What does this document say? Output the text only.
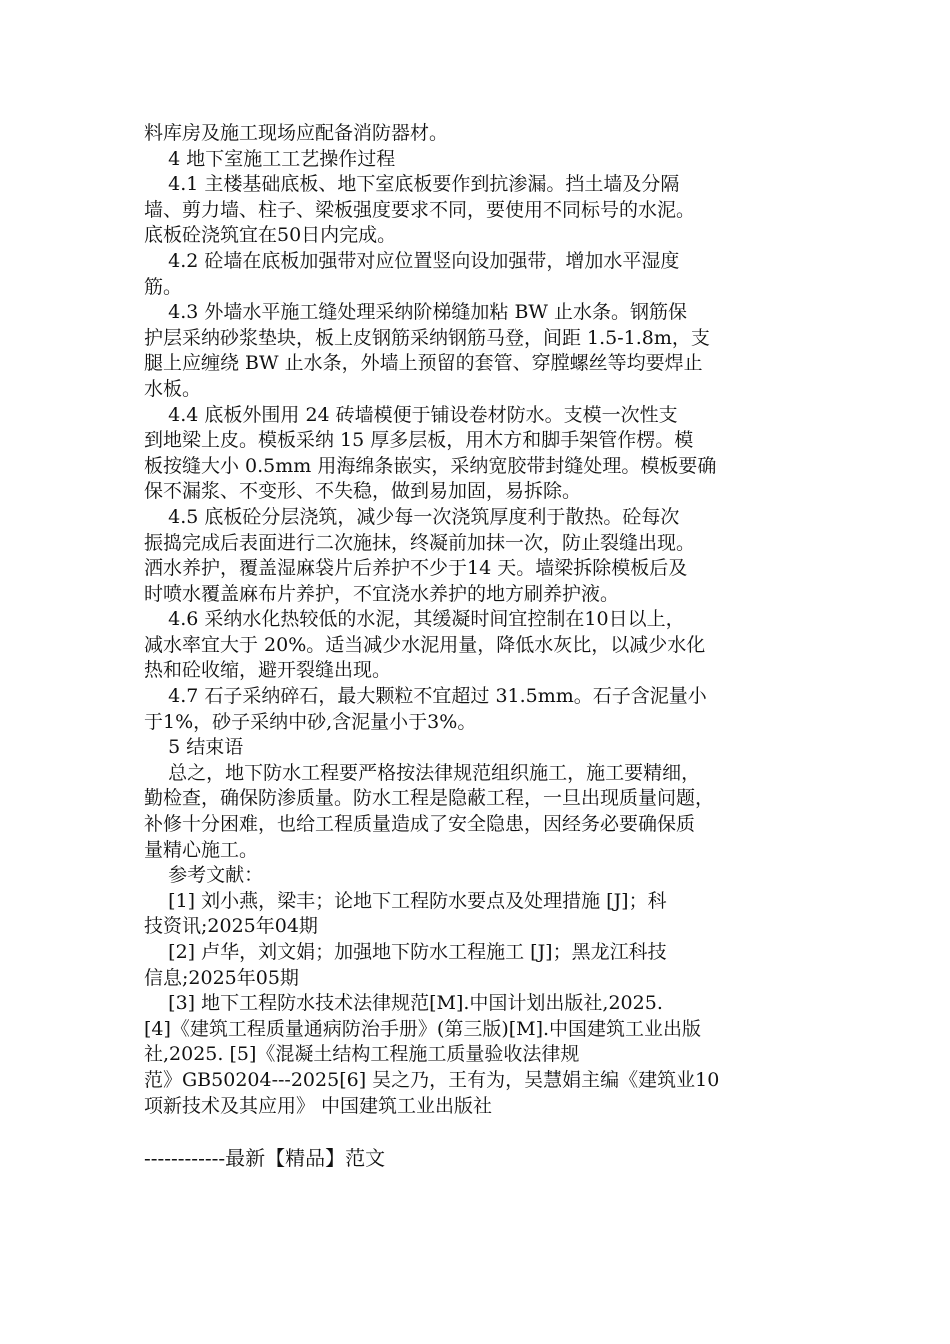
料库房及施工现场应配备消防器材。
4 地下室施工工艺操作过程
4.1 主楼基础底板、地下室底板要作到抗渗漏。挡土墙及分隔
墙、剪力墙、柱子、梁板强度要求不同，要使用不同标号的水泥。
底板砼浇筑宜在50日内完成。
4.2 砼墙在底板加强带对应位置竖向设加强带，增加水平湿度
筋。
4.3 外墙水平施工缝处理采纳阶梯缝加粘 BW 止水条。钢筋保
护层采纳砂浆垫块，板上皮钢筋采纳钢筋马登，间距 1.5-1.8m，支
腿上应缠绕 BW 止水条，外墙上预留的套管、穿膛螺丝等均要焊止
水板。
4.4 底板外围用 24 砖墙模便于铺设卷材防水。支模一次性支
到地梁上皮。模板采纳 15 厚多层板，用木方和脚手架管作楞。模
板按缝大小 0.5mm 用海绵条嵌实，采纳宽胶带封缝处理。模板要确
保不漏浆、不变形、不失稳，做到易加固，易拆除。
4.5 底板砼分层浇筑，减少每一次浇筑厚度利于散热。砼每次
振捣完成后表面进行二次施抹，终凝前加抹一次，防止裂缝出现。
洒水养护，覆盖湿麻袋片后养护不少于14 天。墙梁拆除模板后及
时喷水覆盖麻布片养护，不宜浇水养护的地方刷养护液。
4.6 采纳水化热较低的水泥，其缓凝时间宜控制在10日以上，
减水率宜大于 20%。适当减少水泥用量，降低水灰比，以减少水化
热和砼收缩，避开裂缝出现。
4.7 石子采纳碎石，最大颗粒不宜超过 31.5mm。石子含泥量小
于1%，砂子采纳中砂,含泥量小于3%。
5 结束语
总之，地下防水工程要严格按法律规范组织施工，施工要精细，
勤检查，确保防渗质量。防水工程是隐蔽工程，一旦出现质量问题，
补修十分困难，也给工程质量造成了安全隐患，因经务必要确保质
量精心施工。
参考文献：
[1] 刘小燕，梁丰；论地下工程防水要点及处理措施 [J]；科
技资讯;2025年04期
[2] 卢华，刘文娟；加强地下防水工程施工 [J]；黑龙江科技
信息;2025年05期
[3] 地下工程防水技术法律规范[M].中国计划出版社,2025.
[4]《建筑工程质量通病防治手册》(第三版)[M].中国建筑工业出版
社,2025. [5]《混凝土结构工程施工质量验收法律规
范》GB50204---2025[6] 吴之乃，王有为，吴慧娟主编《建筑业10
项新技术及其应用》 中国建筑工业出版社
------------最新【精品】范文
